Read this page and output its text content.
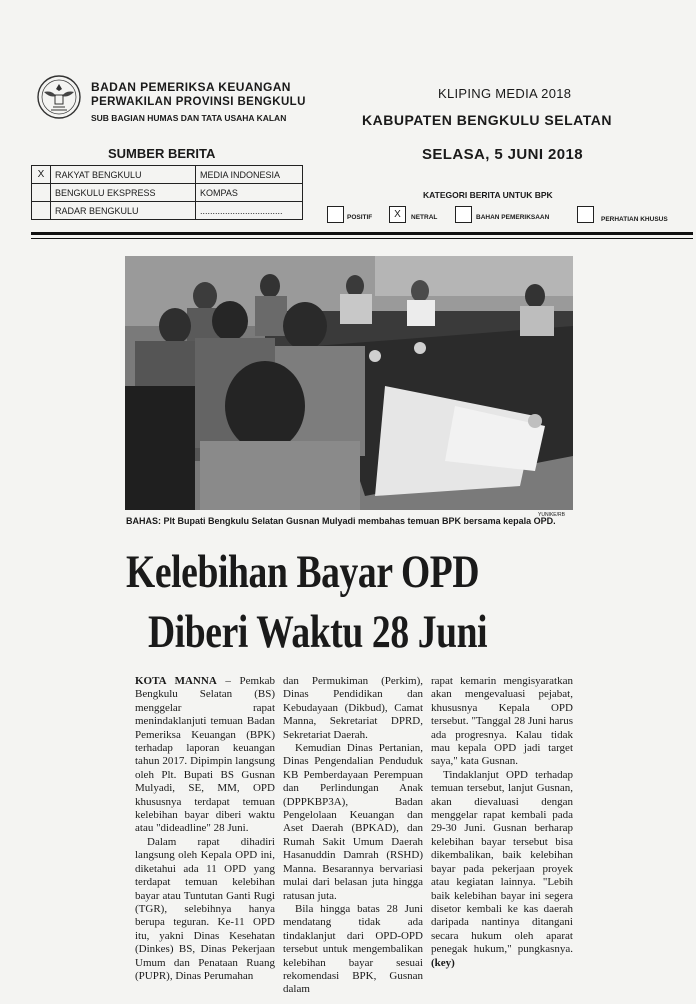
BADAN PEMERIKSA KEUANGAN
PERWAKILAN PROVINSI BENGKULU
SUB BAGIAN HUMAS DAN TATA USAHA KALAN
KLIPING MEDIA 2018
KABUPATEN BENGKULU SELATAN
SUMBER BERITA	SELASA, 5 JUNI 2018
X	RAKYAT BENGKULU	MEDIA INDONESIA
	BENGKULU EKSPRESS	KOMPAS
	RADAR BENGKULU	.................................
KATEGORI BERITA UNTUK BPK
POSITIF	X	NETRAL	BAHAN PEMERIKSAAN	PERHATIAN KHUSUS
YUNIKE/RB
BAHAS: Plt Bupati Bengkulu Selatan Gusnan Mulyadi membahas temuan BPK bersama kepala OPD.
Kelebihan Bayar OPD
Diberi Waktu 28 Juni

KOTA MANNA – Pemkab Bengkulu Selatan (BS) menggelar rapat menindaklanjuti temuan Badan Pemeriksa Keuangan (BPK) terhadap laporan keuangan tahun 2017. Dipimpin langsung oleh Plt. Bupati BS Gusnan Mulyadi, SE, MM, OPD khususnya terdapat temuan kelebihan bayar diberi waktu atau "dideadline" 28 Juni.

Dalam rapat dihadiri langsung oleh Kepala OPD ini, diketahui ada 11 OPD yang terdapat temuan kelebihan bayar atau Tuntutan Ganti Rugi (TGR), selebihnya hanya berupa teguran. Ke-11 OPD itu, yakni Dinas Kesehatan (Dinkes) BS, Dinas Pekerjaan Umum dan Penataan Ruang (PUPR), Dinas Perumahan

dan Permukiman (Perkim), Dinas Pendidikan dan Kebudayaan (Dikbud), Camat Manna, Sekretariat DPRD, Sekretariat Daerah.

Kemudian Dinas Pertanian, Dinas Pengendalian Penduduk KB Pemberdayaan Perempuan dan Perlindungan Anak (DPPKBP3A), Badan Pengelolaan Keuangan dan Aset Daerah (BPKAD), dan Rumah Sakit Umum Daerah Hasanuddin Damrah (RSHD) Manna. Besarannya bervariasi mulai dari belasan juta hingga ratusan juta.

Bila hingga batas 28 Juni mendatang tidak ada tindaklanjut dari OPD-OPD tersebut untuk mengembalikan kelebihan bayar sesuai rekomendasi BPK, Gusnan dalam

rapat kemarin mengisyaratkan akan mengevaluasi pejabat, khususnya Kepala OPD tersebut. "Tanggal 28 Juni harus ada progresnya. Kalau tidak mau kepala OPD jadi target saya," kata Gusnan.

Tindaklanjut OPD terhadap temuan tersebut, lanjut Gusnan, akan dievaluasi dengan menggelar rapat kembali pada 29-30 Juni. Gusnan berharap kelebihan bayar tersebut bisa dikembalikan, baik kelebihan bayar pada pekerjaan proyek atau kegiatan lainnya. "Lebih baik kelebihan bayar ini segera disetor kembali ke kas daerah daripada nantinya ditangani secara hukum oleh aparat penegak hukum," pungkasnya.(key)
